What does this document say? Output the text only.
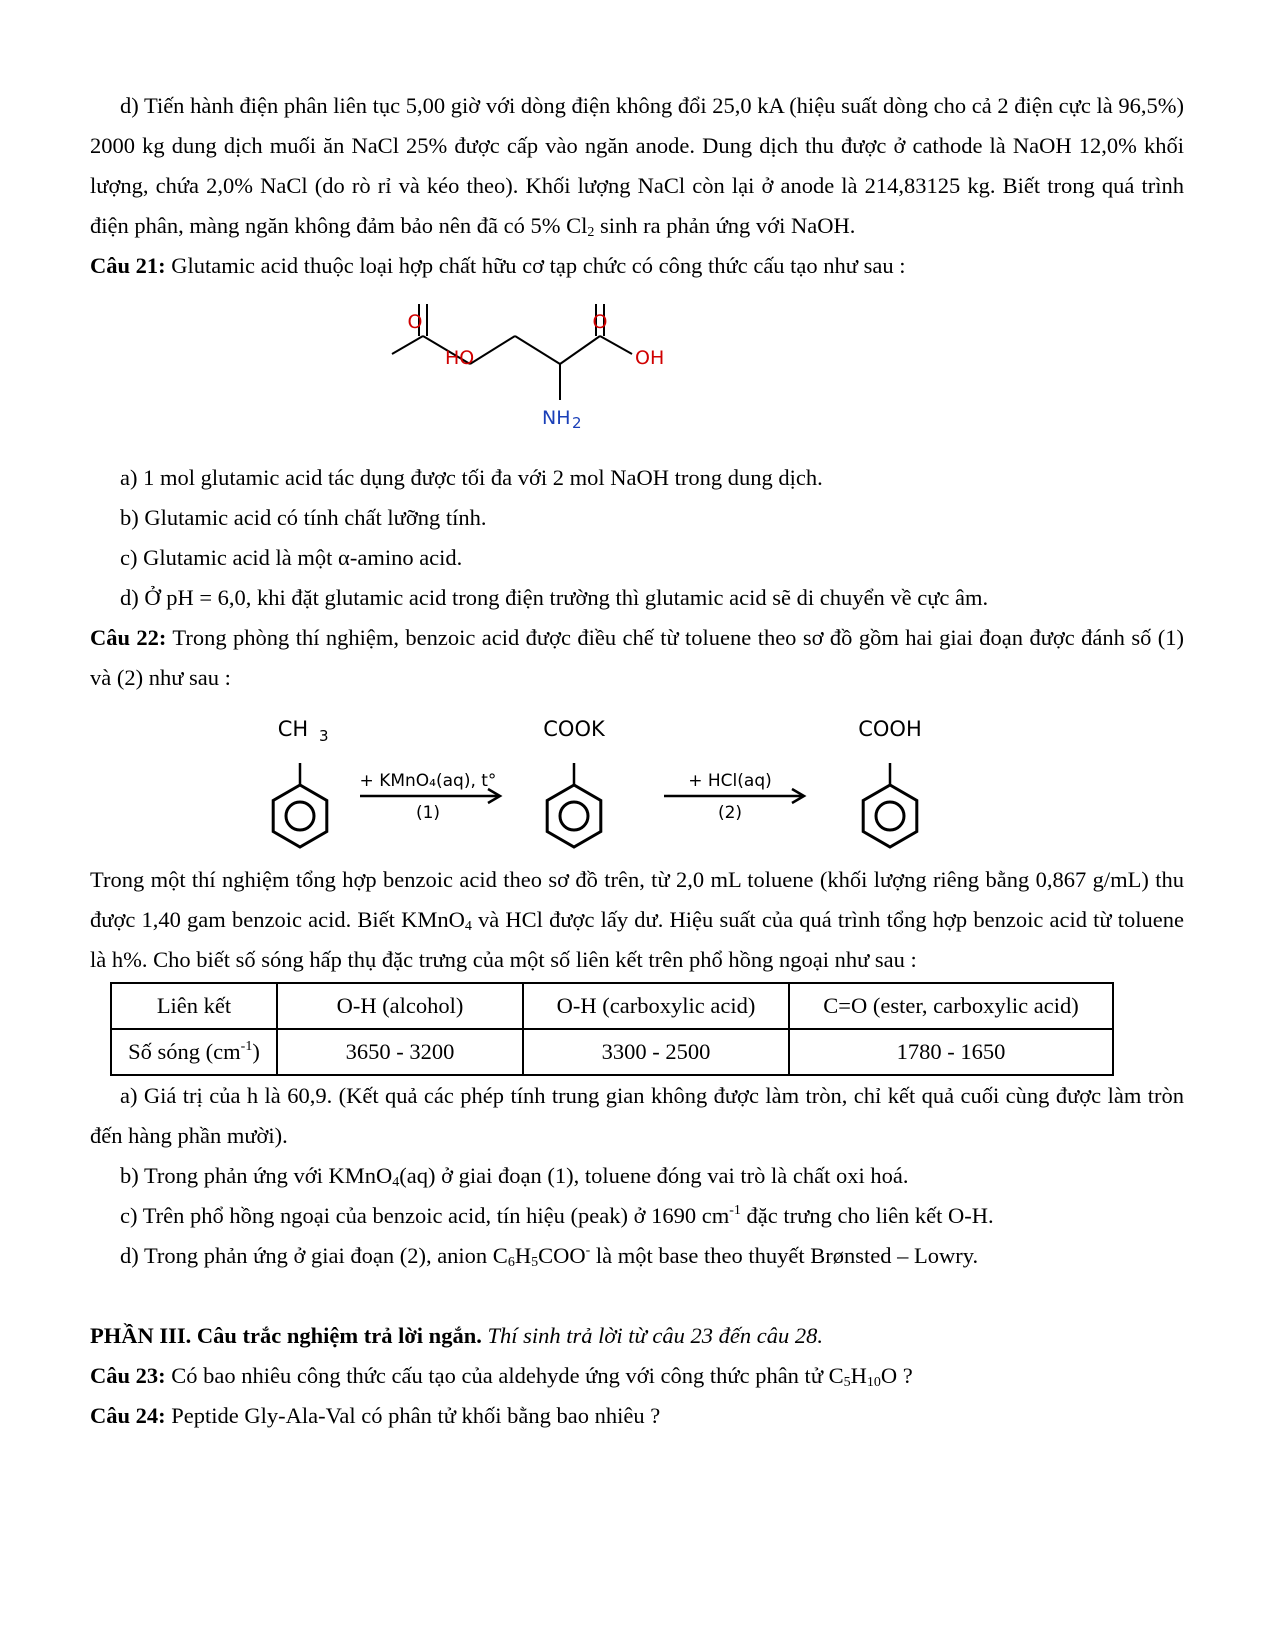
d) Tiến hành điện phân liên tục 5,00 giờ với dòng điện không đổi 25,0 kA (hiệu suất dòng cho cả 2 điện cực là 96,5%) 2000 kg dung dịch muối ăn NaCl 25% được cấp vào ngăn anode. Dung dịch thu được ở cathode là NaOH 12,0% khối lượng, chứa 2,0% NaCl (do rò rỉ và kéo theo). Khối lượng NaCl còn lại ở anode là 214,83125 kg. Biết trong quá trình điện phân, màng ngăn không đảm bảo nên đã có 5% $Cl_2$ sinh ra phản ứng với NaOH.

Câu 21: Glutamic acid thuộc loại hợp chất hữu cơ tạp chức có công thức cấu tạo như sau :

O	O
HO	OH
NH 2

a) 1 mol glutamic acid tác dụng được tối đa với 2 mol NaOH trong dung dịch.

b) Glutamic acid có tính chất lưỡng tính.

c) Glutamic acid là một α-amino acid.

d) Ở pH = 6,0, khi đặt glutamic acid trong điện trường thì glutamic acid sẽ di chuyển về cực âm.

Câu 22: Trong phòng thí nghiệm, benzoic acid được điều chế từ toluene theo sơ đồ gồm hai giai đoạn được đánh số (1) và (2) như sau :

CH 3	COOK	COOH
+ KMnO₄(aq), t°
(1)
+ HCl(aq)
(2)

Trong một thí nghiệm tổng hợp benzoic acid theo sơ đồ trên, từ 2,0 mL toluene (khối lượng riêng bằng 0,867 g/mL) thu được 1,40 gam benzoic acid. Biết KMnO$_4$ và HCl được lấy dư. Hiệu suất của quá trình tổng hợp benzoic acid từ toluene là h%. Cho biết số sóng hấp thụ đặc trưng của một số liên kết trên phổ hồng ngoại như sau :

Liên kết	O-H (alcohol)	O-H (carboxylic acid)	C=O (ester, carboxylic acid)
Số sóng $(cm^{-1})$	3650 - 3200	3300 - 2500	1780 - 1650

a) Giá trị của h là 60,9. (Kết quả các phép tính trung gian không được làm tròn, chỉ kết quả cuối cùng được làm tròn đến hàng phần mười).

b) Trong phản ứng với KMnO$_4$(aq) ở giai đoạn (1), toluene đóng vai trò là chất oxi hoá.

c) Trên phổ hồng ngoại của benzoic acid, tín hiệu (peak) ở 1690 $cm^{-1}$ đặc trưng cho liên kết O-H.

d) Trong phản ứng ở giai đoạn (2), anion $C_6H_5COO^-$ là một base theo thuyết Brønsted – Lowry.

PHẦN III. Câu trắc nghiệm trả lời ngắn. Thí sinh trả lời từ câu 23 đến câu 28.

Câu 23: Có bao nhiêu công thức cấu tạo của aldehyde ứng với công thức phân tử $C_5H_{10}O$ ?

Câu 24: Peptide Gly-Ala-Val có phân tử khối bằng bao nhiêu ?
